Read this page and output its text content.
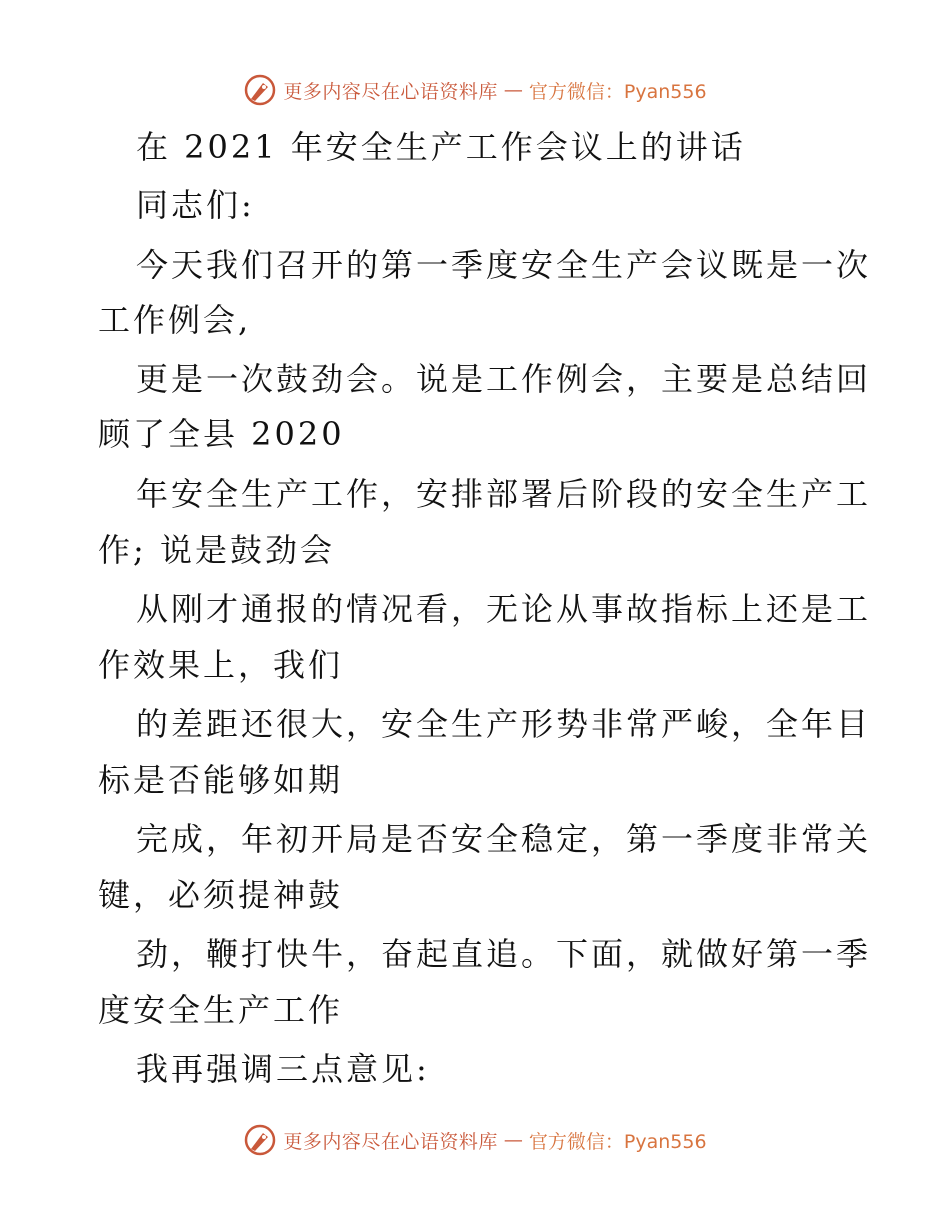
更多内容尽在心语资料库 — 官方微信：Pyan556
在 2021 年安全生产工作会议上的讲话
同志们:
今天我们召开的第一季度安全生产会议既是一次
工作例会,
更是一次鼓劲会。说是工作例会，主要是总结回
顾了全县 2020
年安全生产工作，安排部署后阶段的安全生产工
作; 说是鼓劲会
从刚才通报的情况看，无论从事故指标上还是工
作效果上，我们
的差距还很大，安全生产形势非常严峻，全年目
标是否能够如期
完成，年初开局是否安全稳定，第一季度非常关
键，必须提神鼓
劲，鞭打快牛，奋起直追。下面，就做好第一季
度安全生产工作
我再强调三点意见:
更多内容尽在心语资料库 — 官方微信：Pyan556
